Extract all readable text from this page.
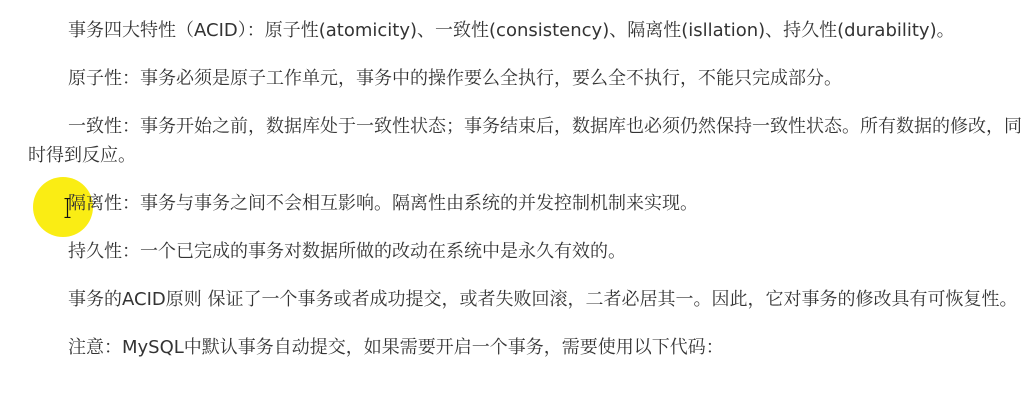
事务四大特性（ACID）：原子性(atomicity)、一致性(consistency)、隔离性(isllation)、持久性(durability)。

原子性：事务必须是原子工作单元，事务中的操作要么全执行，要么全不执行，不能只完成部分。

一致性：事务开始之前，数据库处于一致性状态；事务结束后，数据库也必须仍然保持一致性状态。所有数据的修改，同时得到反应。

隔离性：事务与事务之间不会相互影响。隔离性由系统的并发控制机制来实现。

持久性：一个已完成的事务对数据所做的改动在系统中是永久有效的。

事务的ACID原则 保证了一个事务或者成功提交，或者失败回滚，二者必居其一。因此，它对事务的修改具有可恢复性。

注意：MySQL中默认事务自动提交，如果需要开启一个事务，需要使用以下代码：
